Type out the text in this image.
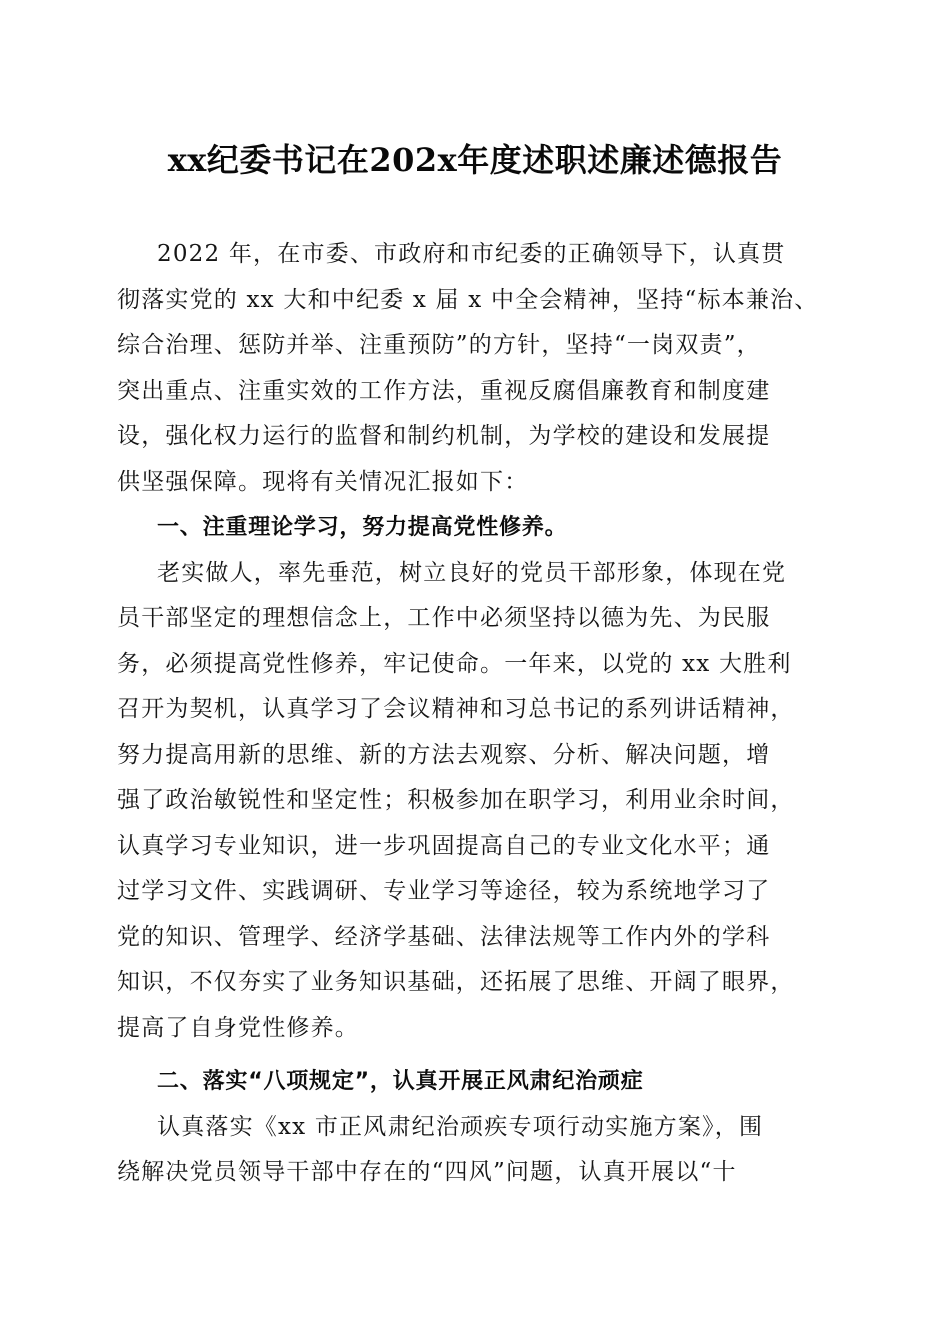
xx纪委书记在202x年度述职述廉述德报告
2022 年，在市委、市政府和市纪委的正确领导下，认真贯
彻落实党的 xx 大和中纪委 x 届 x 中全会精神，坚持“标本兼治、
综合治理、惩防并举、注重预防”的方针，坚持“一岗双责”，
突出重点、注重实效的工作方法，重视反腐倡廉教育和制度建
设，强化权力运行的监督和制约机制，为学校的建设和发展提
供坚强保障。现将有关情况汇报如下：
一、注重理论学习，努力提高党性修养。
老实做人，率先垂范，树立良好的党员干部形象，体现在党
员干部坚定的理想信念上，工作中必须坚持以德为先、为民服
务，必须提高党性修养，牢记使命。一年来，以党的 xx 大胜利
召开为契机，认真学习了会议精神和习总书记的系列讲话精神，
努力提高用新的思维、新的方法去观察、分析、解决问题，增
强了政治敏锐性和坚定性；积极参加在职学习，利用业余时间，
认真学习专业知识，进一步巩固提高自己的专业文化水平；通
过学习文件、实践调研、专业学习等途径，较为系统地学习了
党的知识、管理学、经济学基础、法律法规等工作内外的学科
知识，不仅夯实了业务知识基础，还拓展了思维、开阔了眼界，
提高了自身党性修养。
二、落实“八项规定”，认真开展正风肃纪治顽症
认真落实《xx 市正风肃纪治顽疾专项行动实施方案》，围
绕解决党员领导干部中存在的“四风”问题，认真开展以“十
